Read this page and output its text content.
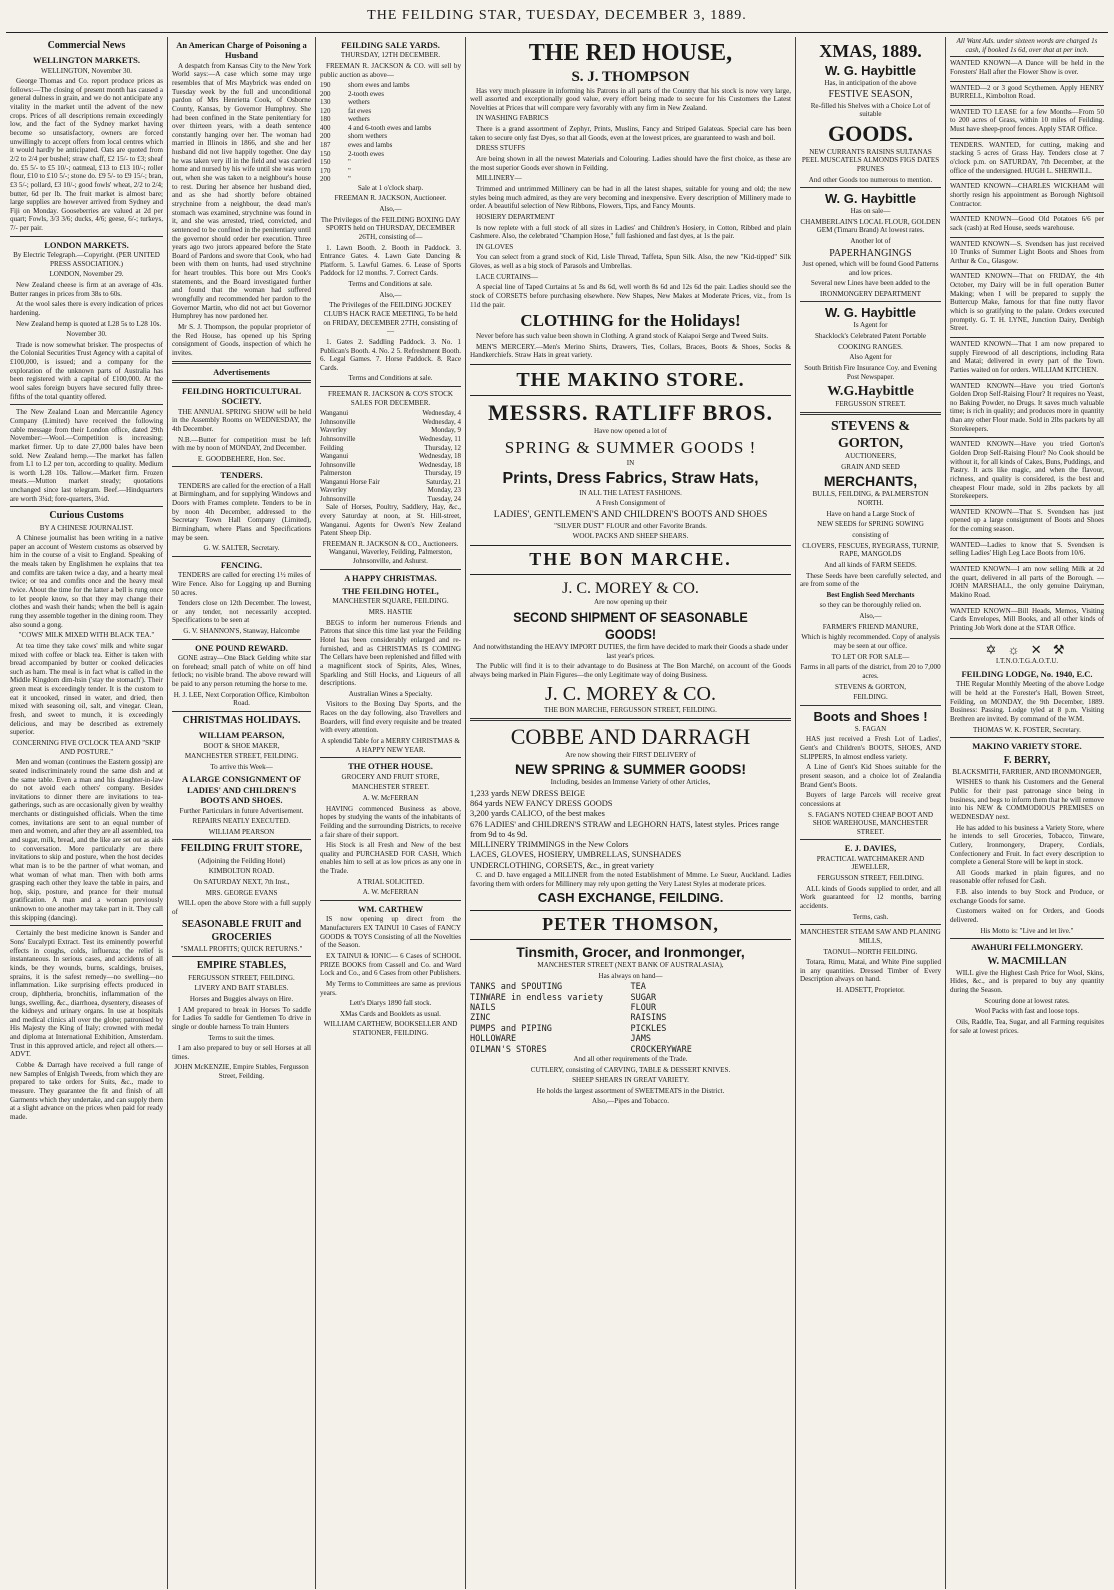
THE FEILDING STAR, TUESDAY, DECEMBER 3, 1889.
Commercial News
WELLINGTON MARKETS.

WELLINGTON, November 30.

George Thomas and Co. report produce prices as follows:—The closing of present month has caused a general dulness in grain, and we do not anticipate any vitality in the market until the advent of the new crops. Prices of all descriptions remain exceedingly low, and the fact of the Sydney market having become so unsatisfactory, owners are forced unwillingly to accept offers from local centres which it would hardly be anticipated. Oats are quoted from 2/2 to 2/4 per bushel; straw chaff, £2 15/- to £3; sheaf do. £5 5/- to £5 10/-; oatmeal, £13 to £13 10/-; roller flour, £10 to £10 5/-; stone do. £9 5/- to £9 15/-; bran, £3 5/-; pollard, £3 10/-; good fowls' wheat, 2/2 to 2/4; butter, 6d per lb. The fruit market is almost bare; large supplies are however arrived from Sydney and Fiji on Monday. Gooseberries are valued at 2d per quart; Fowls, 3/3 3/6; ducks, 4/6; geese, 6/-; turkeys, 7/- per pair.

LONDON MARKETS.

By Electric Telegraph.—Copyright. (PER UNITED PRESS ASSOCIATION.)

LONDON, November 29.

New Zealand cheese is firm at an average of 43s. Butter ranges in prices from 38s to 60s.

At the wool sales there is every indication of prices hardening.

New Zealand hemp is quoted at L28 5s to L28 10s.

November 30.

Trade is now somewhat brisker. The prospectus of the Colonial Securities Trust Agency with a capital of £100,000, is issued; and a company for the exploration of the unknown parts of Australia has been registered with a capital of £100,000. At the wool sales foreign buyers have secured fully three-fifths of the total quantity offered.

The New Zealand Loan and Mercantile Agency Company (Limited) have received the following cable message from their London office, dated 29th November:—Wool.—Competition is increasing; market firmer. Up to date 27,000 bales have been sold. New Zealand hemp.—The market has fallen from L1 to L2 per ton, according to quality. Medium is worth L28 10s. Tallow.—Market firm. Frozen meats.—Mutton market steady; quotations unchanged since last telegram. Beef.—Hindquarters are worth 3¼d; fore-quarters, 3¼d.

Curious Customs

BY A CHINESE JOURNALIST.

A Chinese journalist has been writing in a native paper an account of Western customs as observed by him in the course of a visit to England. Speaking of the meals taken by Englishmen he explains that tea and comfits are taken twice a day, and a hearty meal twice; or tea and comfits once and the heavy meal twice. About the time for the latter a bell is rung once to let people know, so that they may change their clothes and wash their hands; when the bell is again rung they assemble together in the dining room. They also sound a gong.

"COWS' MILK MIXED WITH BLACK TEA."

At tea time they take cows' milk and white sugar mixed with coffee or black tea. Either is taken with bread accompanied by butter or cooked delicacies such as ham. The meal is in fact what is called in the Middle Kingdom dim-hsin ('stay the stomach'). Their green meat is exceedingly tender. It is the custom to eat it uncooked, rinsed in water, and dried, then mixed with seasoning oil, salt, and vinegar. Clean, fresh, and sweet to munch, it is exceedingly delicious, and may be described as extremely superior.

CONCERNING FIVE O'CLOCK TEA AND "SKIP AND POSTURE."

Men and woman (continues the Eastern gossip) are seated indiscriminately round the same dish and at the same table. Even a man and his daughter-in-law do not avoid each others' company. Besides invitations to dinner there are invitations to tea-gatherings, such as are occasionally given by wealthy merchants or distinguished officials. When the time comes, invitations are sent to an equal number of men and women, and after they are all assembled, tea and sugar, milk, bread, and the like are set out as aids to conversation. More particularly are there invitations to skip and posture, when the host decides what man is to be the partner of what woman, and what woman of what man. Then with both arms grasping each other they leave the table in pairs, and hop, skip, posture, and prance for their mutual gratification. A man and a woman previously unknown to one another may take part in it. They call this skipping (dancing).

Certainly the best medicine known is Sander and Sons' Eucalypti Extract. Test its eminently powerful effects in coughs, colds, influenza; the relief is instantaneous. In serious cases, and accidents of all kinds, be they wounds, burns, scaldings, bruises, sprains, it is the safest remedy—no swelling—no inflammation. Like surprising effects produced in croup, diphtheria, bronchitis, inflammation of the lungs, swelling, &c., diarrhoea, dysentery, diseases of the kidneys and urinary organs. In use at hospitals and medical clinics all over the globe; patronised by His Majesty the King of Italy; crowned with medal and diploma at International Exhibition, Amsterdam. Trust in this approved article, and reject all others.—ADVT.

Cobbe & Darragh have received a full range of new Samples of Enlgish Tweeds, from which they are prepared to take orders for Suits, &c., made to measure. They guarantee the fit and finish of all Garments which they undertake, and can supply them at a slight advance on the prices when paid for ready made.

An American Charge of Poisoning a Husband

A despatch from Kansas City to the New York World says:—A case which some may urge resembles that of Mrs Maybrick was ended on Tuesday week by the full and unconditional pardon of Mrs Henrietta Cook, of Osborne County, Kansas, by Governor Humphrey. She had been confined in the State penitentiary for over thirteen years, with a death sentence constantly hanging over her. The woman had married in Illinois in 1866, and she and her husband did not live happily together. One day he was taken very ill in the field and was carried home and nursed by his wife until she was worn out, when she was taken to a neighbour's house to rest. During her absence her husband died, and as she had shortly before obtained strychnine from a neighbour, the dead man's stomach was examined, strychnine was found in it, and she was arrested, tried, convicted, and sentenced to be confined in the penitentiary until the governor should order her execution. Three years ago two jurors appeared before the State Board of Pardons and swore that Cook, who had been with them on hunts, had used strychnine for heart troubles. This bore out Mrs Cook's statements, and the Board investigated further and found that the woman had suffered wrongfully and recommended her pardon to the Governor Martin, who did not act but Governor Humphrey has now pardoned her.

Mr S. J. Thompson, the popular proprietor of the Red House, has opened up his Spring consignment of Goods, inspection of which he invites.

Advertisements
FEILDING HORTICULTURAL SOCIETY.

THE ANNUAL SPRING SHOW will be held in the Assembly Rooms on WEDNESDAY, the 4th December.

N.B.—Butter for competition must be left with me by noon of MONDAY, 2nd December.

E. GOODBEHERE, Hon. Sec.

TENDERS.

TENDERS are called for the erection of a Hall at Birmingham, and for supplying Windows and Doors with Frames complete. Tenders to be in by noon 4th December, addressed to the Secretary Town Hall Company (Limited), Birmingham, where Plans and Specifications may be seen.

G. W. SALTER, Secretary.

FENCING.

TENDERS are called for erecting 1½ miles of Wire Fence. Also for Logging up and Burning 50 acres.

Tenders close on 12th December. The lowest, or any tender, not necessarily accepted. Specifications to be seen at

G. V. SHANNON'S, Stanway, Halcombe

ONE POUND REWARD.

GONE astray—One Black Gelding white star on forehead; small patch of white on off hind fetlock; no visible brand. The above reward will be paid to any person returning the horse to me.

H. J. LEE, Next Corporation Office, Kimbolton Road.

CHRISTMAS HOLIDAYS.
WILLIAM PEARSON,

BOOT & SHOE MAKER,

MANCHESTER STREET, FEILDING.

To arrive this Week—

A LARGE CONSIGNMENT OF LADIES' AND CHILDREN'S BOOTS AND SHOES.

Further Particulars in future Advertisement.

REPAIRS NEATLY EXECUTED.

WILLIAM PEARSON

FEILDING FRUIT STORE,

(Adjoining the Feilding Hotel)

KIMBOLTON ROAD.

On SATURDAY NEXT, 7th Inst.,

MRS. GEORGE EVANS

WILL open the above Store with a full supply of

SEASONABLE FRUIT and GROCERIES

"SMALL PROFITS; QUICK RETURNS."

EMPIRE STABLES,

FERGUSSON STREET, FEILDING.

LIVERY AND BAIT STABLES.

Horses and Buggies always on Hire.

I AM prepared to break in Horses To saddle for Ladies To saddle for Gentlemen To drive in single or double harness To train Hunters

Terms to suit the times.

I am also prepared to buy or sell Horses at all times.

JOHN McKENZIE, Empire Stables, Fergusson Street, Feilding.

FEILDING SALE YARDS.

THURSDAY, 12TH DECEMBER.

FREEMAN R. JACKSON & CO. will sell by public auction as above—

190	shorn ewes and lambs
200	2-tooth ewes
130	wethers
120	fat ewes
180	wethers
400	4 and 6-tooth ewes and lambs
200	shorn wethers
187	ewes and lambs
150	2-tooth ewes
150	"
170	"
200	"

Sale at 1 o'clock sharp.

FREEMAN R. JACKSON, Auctioneer.

Also,—

The Privileges of the FEILDING BOXING DAY SPORTS held on THURSDAY, DECEMBER 26TH, consisting of—

1. Lawn Booth. 2. Booth in Paddock. 3. Entrance Gates. 4. Lawn Gate Dancing & Platform. 5. Lawful Games. 6. Lease of Sports Paddock for 12 months. 7. Correct Cards.

Terms and Conditions at sale.

Also,—

The Privileges of the FEILDING JOCKEY CLUB'S HACK RACE MEETING, To be held on FRIDAY, DECEMBER 27TH, consisting of—

1. Gates 2. Saddling Paddock. 3. No. 1 Publican's Booth. 4. No. 2 5. Refreshment Booth. 6. Legal Games. 7. Horse Paddock. 8. Race Cards.

Terms and Conditions at sale.

FREEMAN R. JACKSON & CO'S STOCK SALES FOR DECEMBER.

Wanganui	Wednesday, 4
Johnsonville	Wednesday, 4
Waverley	Monday, 9
Johnsonville	Wednesday, 11
Feilding	Thursday, 12
Wanganui	Wednesday, 18
Johnsonville	Wednesday, 18
Palmerston	Thursday, 19
Wanganui Horse Fair	Saturday, 21
Waverley	Monday, 23
Johnsonville	Tuesday, 24

Sale of Horses, Poultry, Saddlery, Hay, &c., every Saturday at noon, at St. Hill-street, Wanganui. Agents for Owen's New Zealand Patent Sheep Dip.

FREEMAN R. JACKSON & CO., Auctioneers. Wanganui, Waverley, Feilding, Palmerston, Johnsonville, and Ashurst.

A HAPPY CHRISTMAS.
THE FEILDING HOTEL,

MANCHESTER SQUARE, FEILDING.

MRS. HASTIE

BEGS to inform her numerous Friends and Patrons that since this time last year the Feilding Hotel has been considerably enlarged and re-furnished, and as CHRISTMAS IS COMING The Cellars have been replenished and filled with a magnificent stock of Spirits, Ales, Wines, Sparkling and Still Hocks, and Liqueurs of all descriptions.

Australian Wines a Specialty.

Visitors to the Boxing Day Sports, and the Races on the day following, also Travellers and Boarders, will find every requisite and be treated with every attention.

A splendid Table for a MERRY CHRISTMAS & A HAPPY NEW YEAR.

THE OTHER HOUSE.

GROCERY AND FRUIT STORE,

MANCHESTER STREET.

A. W. McFERRAN

HAVING commenced Business as above, hopes by studying the wants of the inhabitants of Feilding and the surrounding Districts, to receive a fair share of their support.

His Stock is all Fresh and New of the best quality and PURCHASED FOR CASH, Which enables him to sell at as low prices as any one in the Trade.

A TRIAL SOLICITED.

A. W. McFERRAN

WM. CARTHEW

IS now opening up direct from the Manufacturers EX TAINUI 10 Cases of FANCY GOODS & TOYS Consisting of all the Novelties of the Season.

EX TAINUI & IONIC— 6 Cases of SCHOOL PRIZE BOOKS from Cassell and Co. and Ward Lock and Co., and 6 Cases from other Publishers.

My Terms to Committees are same as previous years.

Lett's Diarys 1890 fall stock.

XMas Cards and Booklets as usual.

WILLIAM CARTHEW, BOOKSELLER AND STATIONER, FEILDING.

THE RED HOUSE,
S. J. THOMPSON

Has very much pleasure in informing his Patrons in all parts of the Country that his stock is now very large, well assorted and exceptionally good value, every effort being made to secure for his Customers the Latest Novelties at Prices that will compare very favorably with any firm in New Zealand.

IN WASHING FABRICS

There is a grand assortment of Zephyr, Prints, Muslins, Fancy and Striped Galateas. Special care has been taken to secure only fast Dyes, so that all Goods, even at the lowest prices, are guaranteed to wash and boil.

DRESS STUFFS

Are being shown in all the newest Materials and Colouring. Ladies should have the first choice, as these are the most superior Goods ever shown in Feilding.

MILLINERY—

Trimmed and untrimmed Millinery can be had in all the latest shapes, suitable for young and old; the new styles being much admired, as they are very becoming and inexpensive. Every description of Millinery made to order. A beautiful selection of New Ribbons, Flowers, Tips, and Fancy Mounts.

HOSIERY DEPARTMENT

Is now replete with a full stock of all sizes in Ladies' and Children's Hosiery, in Cotton, Ribbed and plain Cashmere. Also, the celebrated "Champion Hose," full fashioned and fast dyes, at 1s the pair.

IN GLOVES

You can select from a grand stock of Kid, Lisle Thread, Taffeta, Spun Silk. Also, the new "Kid-tipped" Silk Gloves, as well as a big stock of Parasols and Umbrellas.

LACE CURTAINS—

A special line of Taped Curtains at 5s and 8s 6d, well worth 8s 6d and 12s 6d the pair. Ladies should see the stock of CORSETS before purchasing elsewhere. New Shapes, New Makes at Moderate Prices, viz., from 1s 11d the pair.

CLOTHING for the Holidays!

Never before has such value been shown in Clothing. A grand stock of Kaiapoi Serge and Tweed Suits.

MEN'S MERCERY.—Men's Merino Shirts, Drawers, Ties, Collars, Braces, Boots & Shoes, Socks & Handkerchiefs. Straw Hats in great variety.

THE MAKINO STORE.
MESSRS. RATLIFF BROS.

Have now opened a lot of

SPRING & SUMMER GOODS !

IN

Prints, Dress Fabrics, Straw Hats,

IN ALL THE LATEST FASHIONS.

A Fresh Consignment of

LADIES', GENTLEMEN'S AND CHILDREN'S BOOTS AND SHOES

"SILVER DUST" FLOUR and other Favorite Brands.

WOOL PACKS AND SHEEP SHEARS.

THE BON MARCHE.
J. C. MOREY & CO.

Are now opening up their

SECOND SHIPMENT OF SEASONABLE GOODS!

And notwithstanding the HEAVY IMPORT DUTIES, the firm have decided to mark their Goods a shade under last year's prices.

The Public will find it is to their advantage to do Business at The Bon Marché, on account of the Goods always being marked in Plain Figures—the only Legitimate way of doing Business.

J. C. MOREY & CO.

THE BON MARCHE, FERGUSSON STREET, FEILDING.

COBBE AND DARRAGH

Are now showing their FIRST DELIVERY of

NEW SPRING & SUMMER GOODS!

Including, besides an Immense Variety of other Articles,

1,233 yards NEW DRESS BEIGE
864 yards NEW FANCY DRESS GOODS
3,200 yards CALICO, of the best makes
676 LADIES' and CHILDREN'S STRAW and LEGHORN HATS, latest styles. Prices range from 9d to 4s 9d.
MILLINERY TRIMMINGS in the New Colors
LACES, GLOVES, HOSIERY, UMBRELLAS, SUNSHADES
UNDERCLOTHING, CORSETS, &c., in great variety

C. and D. have engaged a MILLINER from the noted Establishment of Mmme. Le Sueur, Auckland. Ladies favoring them with orders for Millinery may rely upon getting the Very Latest Styles at moderate prices.

CASH EXCHANGE, FEILDING.
PETER THOMSON,
Tinsmith, Grocer, and Ironmonger,

MANCHESTER STREET (NEXT BANK OF AUSTRALASIA),

Has always on hand—

TANKS and SPOUTING	TEA
TINWARE in endless variety	SUGAR
NAILS	FLOUR
ZINC	RAISINS
PUMPS and PIPING	PICKLES
HOLLOWARE	JAMS
OILMAN'S STORES	CROCKERYWARE

And all other requirements of the Trade.

CUTLERY, consisting of CARVING, TABLE & DESSERT KNIVES.

SHEEP SHEARS IN GREAT VARIETY.

He holds the largest assortment of SWEETMEATS in the District.

Also,—Pipes and Tobacco.

XMAS, 1889.
W. G. Haybittle

Has, in anticipation of the above

FESTIVE SEASON,

Re-filled his Shelves with a Choice Lot of suitable

GOODS.

NEW CURRANTS RAISINS SULTANAS PEEL MUSCATELS ALMONDS FIGS DATES PRUNES

And other Goods too numerous to mention.

W. G. Haybittle

Has on sale—

CHAMBERLAIN'S LOCAL FLOUR, GOLDEN GEM (Timaru Brand) At lowest rates.

Another lot of

PAPERHANGINGS

Just opened, which will be found Good Patterns and low prices.

Several new Lines have been added to the

IRONMONGERY DEPARTMENT

W. G. Haybittle

Is Agent for

Shacklock's Celebrated Patent Portable

COOKING RANGES.

Also Agent for

South British Fire Insurance Coy. and Evening Post Newspaper.

W.G.Haybittle

FERGUSSON STREET.

STEVENS & GORTON,

AUCTIONEERS,

GRAIN AND SEED

MERCHANTS,

BULLS, FEILDING, & PALMERSTON NORTH.

Have on hand a Large Stock of

NEW SEEDS for SPRING SOWING

consisting of

CLOVERS, FESCUES, RYEGRASS, TURNIP, RAPE, MANGOLDS

And all kinds of FARM SEEDS.

These Seeds have been carefully selected, and are from some of the

Best English Seed Merchants

so they can be thoroughly relied on.

Also,—

FARMER'S FRIEND MANURE,

Which is highly recommended. Copy of analysis may be seen at our office.

TO LET OR FOR SALE—

Farms in all parts of the district, from 20 to 7,000 acres.

STEVENS & GORTON,

FEILDING.

Boots and Shoes !

S. FAGAN

HAS just received a Fresh Lot of Ladies', Gent's and Children's BOOTS, SHOES, AND SLIPPERS, In almost endless variety.

A Line of Gent's Kid Shoes suitable for the present season, and a choice lot of Zealandia Brand Gent's Boots.

Buyers of large Parcels will receive great concessions at

S. FAGAN'S NOTED CHEAP BOOT AND SHOE WAREHOUSE, MANCHESTER STREET.

E. J. DAVIES,

PRACTICAL WATCHMAKER AND JEWELLER,

FERGUSSON STREET, FEILDING.

ALL kinds of Goods supplied to order, and all Work guaranteed for 12 months, barring accidents.

Terms, cash.

MANCHESTER STEAM SAW AND PLANING MILLS,

TAONUI—NORTH FEILDING.

Totara, Rimu, Matai, and White Pine supplied in any quantities. Dressed Timber of Every Description always on hand.

H. ADSETT, Proprietor.

All Want Ads. under sixteen words are charged 1s cash, if booked 1s 6d, over that at per inch.

WANTED KNOWN—A Dance will be held in the Foresters' Hall after the Flower Show is over.

WANTED—2 or 3 good Scythemen. Apply HENRY BURRELL, Kimbolton Road.

WANTED TO LEASE for a few Months—From 50 to 200 acres of Grass, within 10 miles of Feilding. Must have sheep-proof fences. Apply STAR Office.

TENDERS. WANTED, for cutting, making and stacking 5 acres of Grass Hay. Tenders close at 7 o'clock p.m. on SATURDAY, 7th December, at the office of the undersigned. HUGH L. SHERWILL.

WANTED KNOWN—CHARLES WICKHAM will shortly resign his appointment as Borough Nightsoil Contractor.

WANTED KNOWN—Good Old Potatoes 6/6 per sack (cash) at Red House, seeds warehouse.

WANTED KNOWN—S. Svendsen has just received 10 Trunks of Summer Light Boots and Shoes from Arthur & Co., Glasgow.

WANTED KNOWN—That on FRIDAY, the 4th October, my Dairy will be in full operation Butter Making; when I will be prepared to supply the Buttercup Make, famous for that fine nutty flavor which is so gratifying to the palate. Orders executed promptly. G. T. H. LYNE, Junction Dairy, Denbigh Street.

WANTED KNOWN—That I am now prepared to supply Firewood of all descriptions, including Rata and Matai; delivered in every part of the Town. Parties waited on for orders. WILLIAM KITCHEN.

WANTED KNOWN—Have you tried Gorton's Golden Drop Self-Raising Flour? It requires no Yeast, no Baking Powder, no Drugs. It saves much valuable time; is rich in quality; and produces more in quantity than any other Flour made. Sold in 2lbs packets by all Storekeepers.

WANTED KNOWN—Have you tried Gorton's Golden Drop Self-Raising Flour? No Cook should be without it, for all kinds of Cakes, Buns, Puddings, and Pastry. It acts like magic, and when the flavour, richness, and quality is considered, is the best and cheapest Flour made, sold in 2lbs packets by all Storekeepers.

WANTED KNOWN—That S. Svendsen has just opened up a large consignment of Boots and Shoes for the coming season.

WANTED—Ladies to know that S. Svendsen is selling Ladies' High Leg Lace Boots from 10/6.

WANTED KNOWN—I am now selling Milk at 2d the quart, delivered in all parts of the Borough. —JOHN MARSHALL, the only genuine Dairyman, Makino Road.

WANTED KNOWN—Bill Heads, Memos, Visiting Cards Envelopes, Mill Books, and all other kinds of Printing Job Work done at the STAR Office.

✡ ☼ ✕ ⚒

I.T.N.O.T.G.A.O.T.U.

FEILDING LODGE, No. 1940, E.C.

THE Regular Monthly Meeting of the above Lodge will be held at the Forester's Hall, Bowen Street, Feilding, on MONDAY, the 9th December, 1889. Business: Passing. Lodge tyled at 8 p.m. Visiting Brethren are invited. By command of the W.M.

THOMAS W. K. FOSTER, Secretary.

MAKINO VARIETY STORE.
F. BERRY,

BLACKSMITH, FARRIER, AND IRONMONGER,

WISHES to thank his Customers and the General Public for their past patronage since being in business, and begs to inform them that he will remove into his NEW & COMMODIOUS PREMISES on WEDNESDAY next.

He has added to his business a Variety Store, where he intends to sell Groceries, Tobacco, Tinware, Cutlery, Ironmongery, Drapery, Cordials, Confectionery and Fruit. In fact every description to complete a General Store will be kept in stock.

All Goods marked in plain figures, and no reasonable offer refused for Cash.

F.B. also intends to buy Stock and Produce, or exchange Goods for same.

Customers waited on for Orders, and Goods delivered.

His Motto is: "Live and let live."

AWAHURI FELLMONGERY.
W. MACMILLAN

WILL give the Highest Cash Price for Wool, Skins, Hides, &c., and is prepared to buy any quantity during the Season.

Scouring done at lowest rates.

Wool Packs with fast and loose tops.

Oils, Raddle, Tea, Sugar, and all Farming requisites for sale at lowest prices.
